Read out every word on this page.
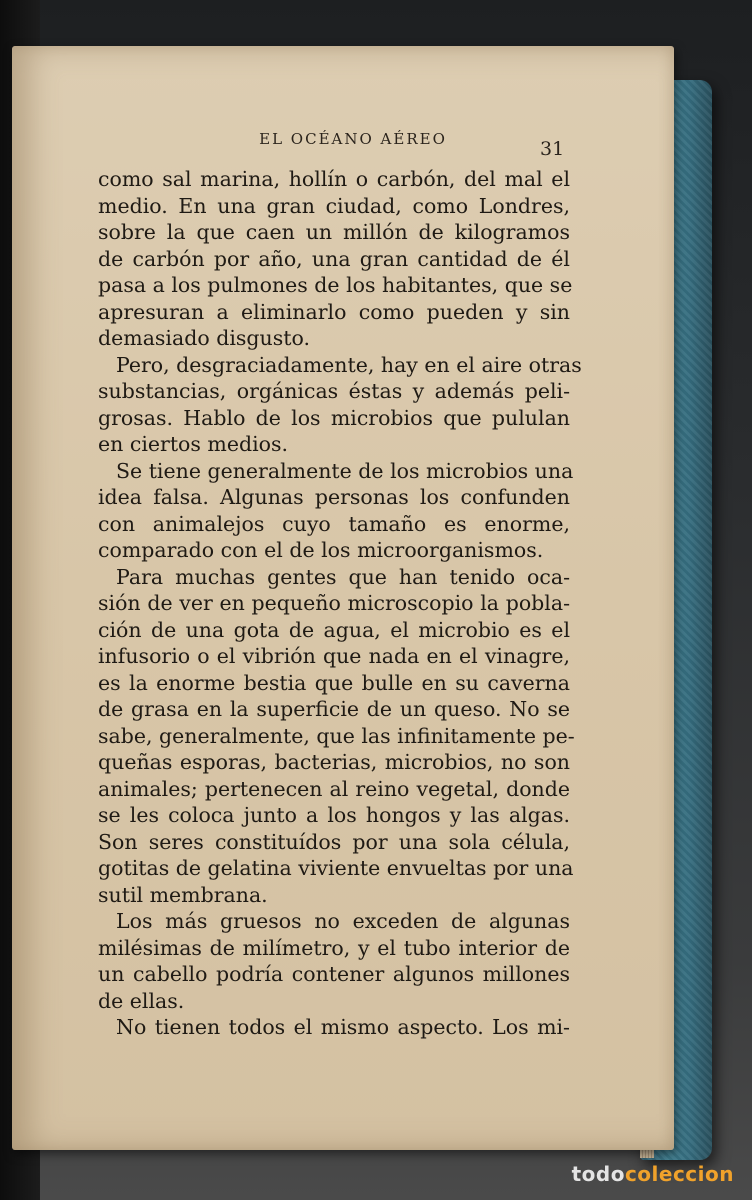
EL OCÉANO AÉREO	31
como sal marina, hollín o carbón, del mal el
medio. En una gran ciudad, como Londres,
sobre la que caen un millón de kilogramos
de carbón por año, una gran cantidad de él
pasa a los pulmones de los habitantes, que se
apresuran a eliminarlo como pueden y sin
demasiado disgusto.
Pero, desgraciadamente, hay en el aire otras
substancias, orgánicas éstas y además peli-
grosas. Hablo de los microbios que pululan
en ciertos medios.
Se tiene generalmente de los microbios una
idea falsa. Algunas personas los confunden
con animalejos cuyo tamaño es enorme,
comparado con el de los microorganismos.
Para muchas gentes que han tenido oca-
sión de ver en pequeño microscopio la pobla-
ción de una gota de agua, el microbio es el
infusorio o el vibrión que nada en el vinagre,
es la enorme bestia que bulle en su caverna
de grasa en la superficie de un queso. No se
sabe, generalmente, que las infinitamente pe-
queñas esporas, bacterias, microbios, no son
animales; pertenecen al reino vegetal, donde
se les coloca junto a los hongos y las algas.
Son seres constituídos por una sola célula,
gotitas de gelatina viviente envueltas por una
sutil membrana.
Los más gruesos no exceden de algunas
milésimas de milímetro, y el tubo interior de
un cabello podría contener algunos millones
de ellas.
No tienen todos el mismo aspecto. Los mi-
todocoleccion
